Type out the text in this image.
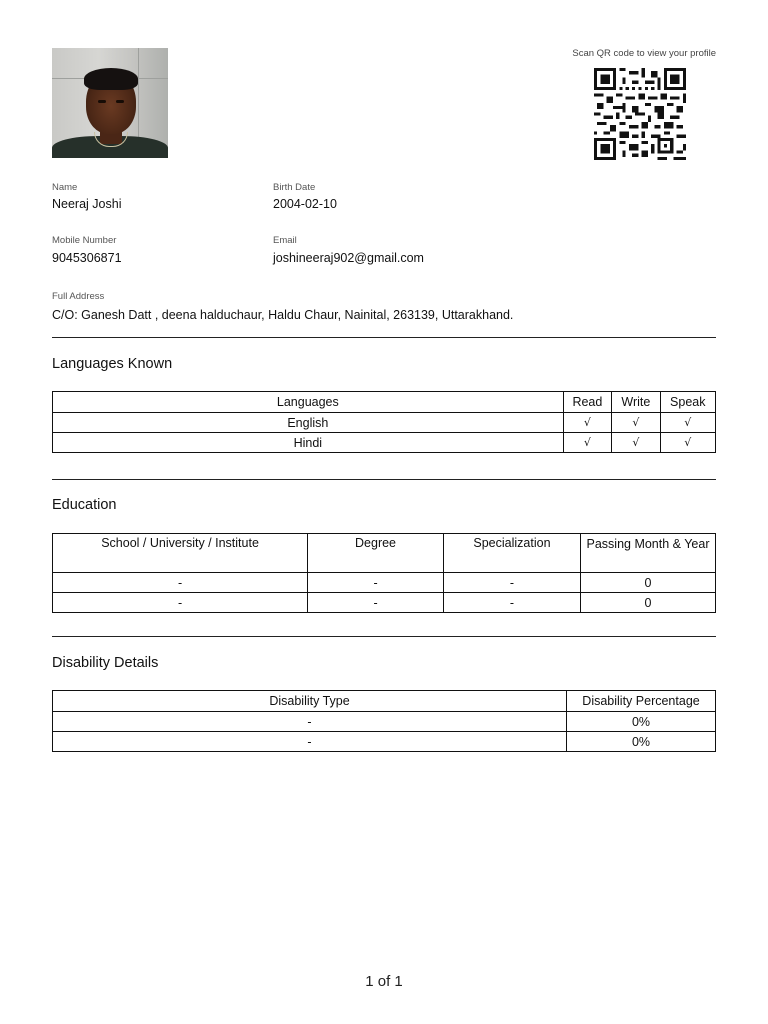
Scan QR code to view your profile
Name
Neeraj Joshi
Birth Date
2004-02-10
Mobile Number
9045306871
Email
joshineeraj902@gmail.com
Full Address
C/O: Ganesh Datt , deena halduchaur, Haldu Chaur, Nainital, 263139, Uttarakhand.
Languages Known
Languages	Read	Write	Speak
English	√	√	√
Hindi	√	√	√
Education
School / University / Institute	Degree	Specialization	Passing Month & Year
-	-	-	0
-	-	-	0
Disability Details
Disability Type	Disability Percentage
-	0%
-	0%
1 of 1
